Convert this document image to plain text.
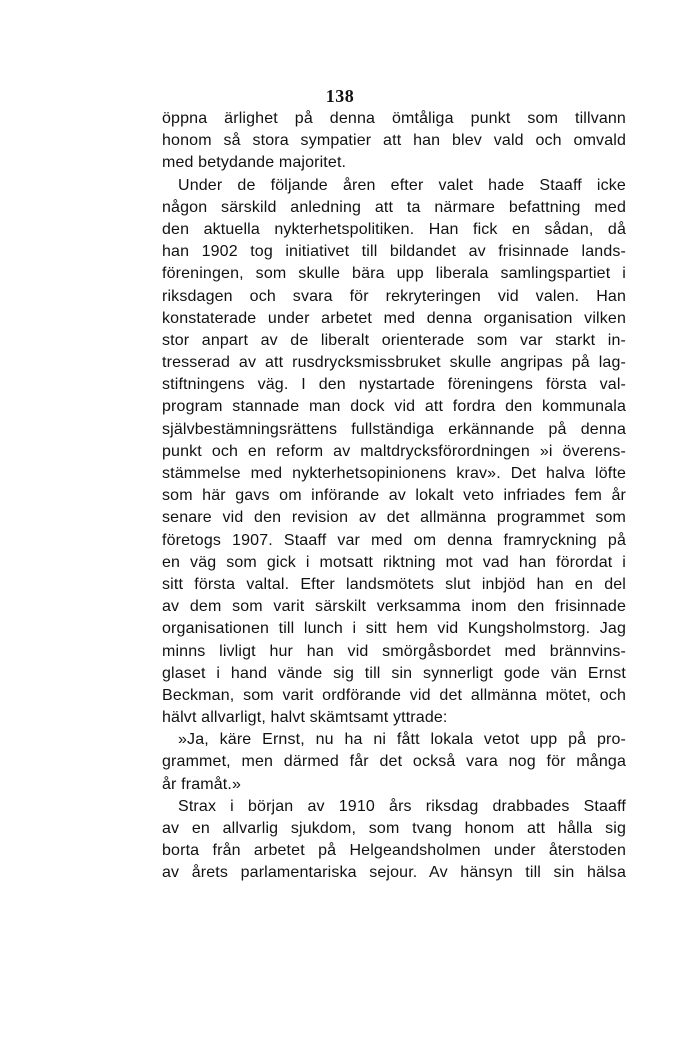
138

öppna ärlighet på denna ömtåliga punkt som tillvann
honom så stora sympatier att han blev vald och omvald
med betydande majoritet.

Under de följande åren efter valet hade Staaff icke
någon särskild anledning att ta närmare befattning med
den aktuella nykterhetspolitiken. Han fick en sådan, då
han 1902 tog initiativet till bildandet av frisinnade lands-
föreningen, som skulle bära upp liberala samlingspartiet i
riksdagen och svara för rekryteringen vid valen. Han
konstaterade under arbetet med denna organisation vilken
stor anpart av de liberalt orienterade som var starkt in-
tresserad av att rusdrycksmissbruket skulle angripas på lag-
stiftningens väg. I den nystartade föreningens första val-
program stannade man dock vid att fordra den kommunala
självbestämningsrättens fullständiga erkännande på denna
punkt och en reform av maltdrycksförordningen »i överens-
stämmelse med nykterhetsopinionens krav». Det halva löfte
som här gavs om införande av lokalt veto infriades fem år
senare vid den revision av det allmänna programmet som
företogs 1907. Staaff var med om denna framryckning på
en väg som gick i motsatt riktning mot vad han förordat i
sitt första valtal. Efter landsmötets slut inbjöd han en del
av dem som varit särskilt verksamma inom den frisinnade
organisationen till lunch i sitt hem vid Kungsholmstorg. Jag
minns livligt hur han vid smörgåsbordet med brännvins-
glaset i hand vände sig till sin synnerligt gode vän Ernst
Beckman, som varit ordförande vid det allmänna mötet, och
hälvt allvarligt, halvt skämtsamt yttrade:

»Ja, käre Ernst, nu ha ni fått lokala vetot upp på pro-
grammet, men därmed får det också vara nog för många
år framåt.»

Strax i början av 1910 års riksdag drabbades Staaff
av en allvarlig sjukdom, som tvang honom att hålla sig
borta från arbetet på Helgeandsholmen under återstoden
av årets parlamentariska sejour. Av hänsyn till sin hälsa
